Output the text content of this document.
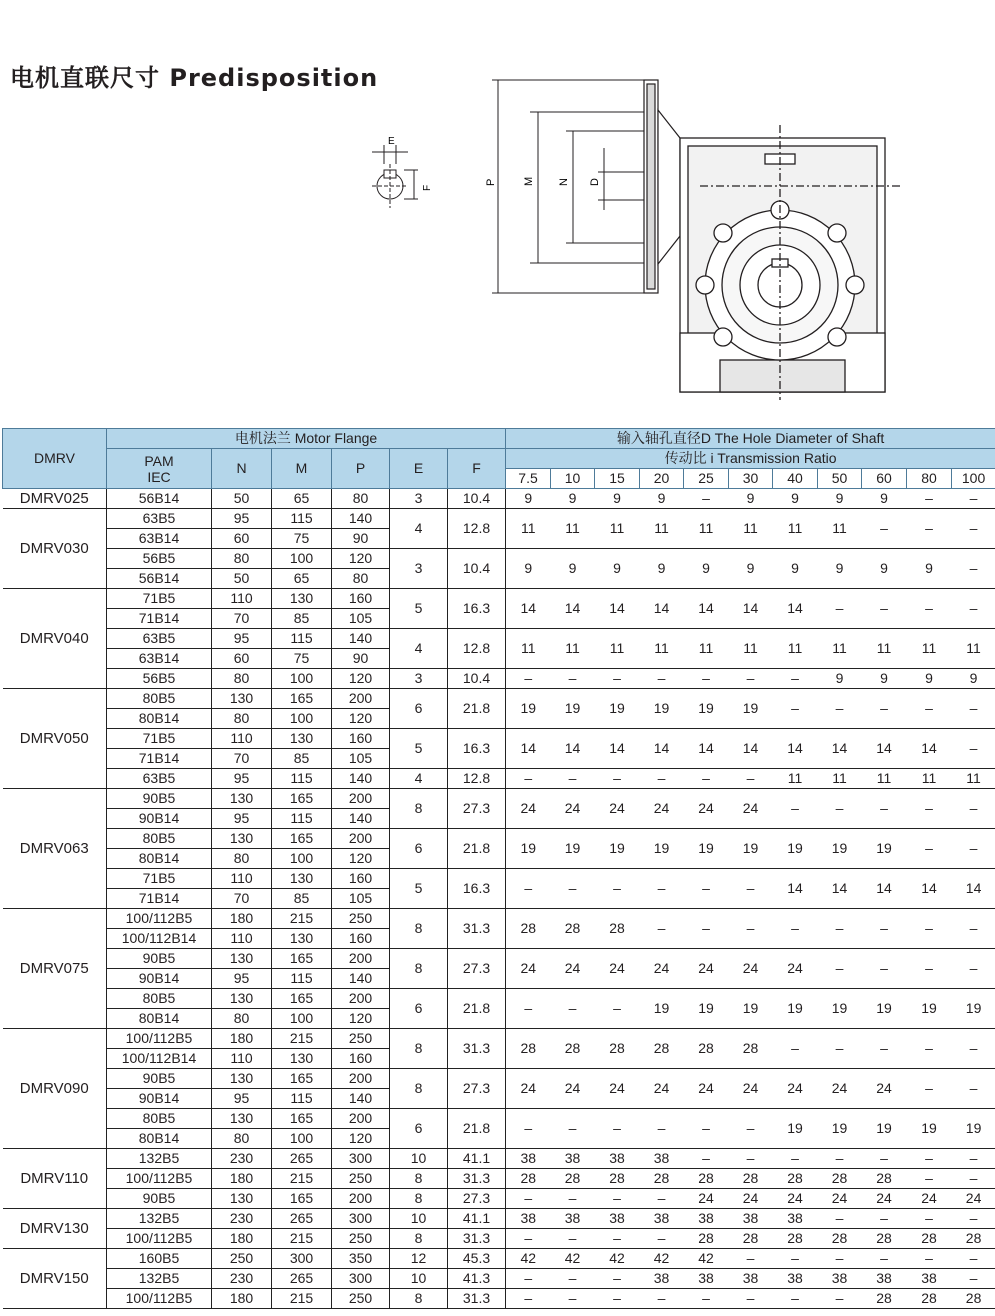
电机直联尺寸 Predisposition
E
F
P M N D
DMRV	电机法兰 Motor Flange						输入轴孔直径D The Hole Diameter of Shaft										

	PAM
IEC	N	M	P	E	F	传动比 i Transmission Ratio										
							7.5	10	15	20	25	30	40	50	60	80	100
DMRV025	56B14	50	65	80	3	10.4	9	9	9	9	–	9	9	9	9	–	–
DMRV030	63B5	95	115	140	4	12.8	11	11	11	11	11	11	11	11	–	–	–
	63B14	60	75	90													
	56B5	80	100	120	3	10.4	9	9	9	9	9	9	9	9	9	9	–
	56B14	50	65	80													
DMRV040	71B5	110	130	160	5	16.3	14	14	14	14	14	14	14	–	–	–	–
	71B14	70	85	105													
	63B5	95	115	140	4	12.8	11	11	11	11	11	11	11	11	11	11	11
	63B14	60	75	90													
	56B5	80	100	120	3	10.4	–	–	–	–	–	–	–	9	9	9	9
DMRV050	80B5	130	165	200	6	21.8	19	19	19	19	19	19	–	–	–	–	–
	80B14	80	100	120													
	71B5	110	130	160	5	16.3	14	14	14	14	14	14	14	14	14	14	–
	71B14	70	85	105													
	63B5	95	115	140	4	12.8	–	–	–	–	–	–	11	11	11	11	11
DMRV063	90B5	130	165	200	8	27.3	24	24	24	24	24	24	–	–	–	–	–
	90B14	95	115	140													
	80B5	130	165	200	6	21.8	19	19	19	19	19	19	19	19	19	–	–
	80B14	80	100	120													
	71B5	110	130	160	5	16.3	–	–	–	–	–	–	14	14	14	14	14
	71B14	70	85	105													
DMRV075	100/112B5	180	215	250	8	31.3	28	28	28	–	–	–	–	–	–	–	–
	100/112B14	110	130	160													
	90B5	130	165	200	8	27.3	24	24	24	24	24	24	24	–	–	–	–
	90B14	95	115	140													
	80B5	130	165	200	6	21.8	–	–	–	19	19	19	19	19	19	19	19
	80B14	80	100	120													
DMRV090	100/112B5	180	215	250	8	31.3	28	28	28	28	28	28	–	–	–	–	–
	100/112B14	110	130	160													
	90B5	130	165	200	8	27.3	24	24	24	24	24	24	24	24	24	–	–
	90B14	95	115	140													
	80B5	130	165	200	6	21.8	–	–	–	–	–	–	19	19	19	19	19
	80B14	80	100	120													
DMRV110	132B5	230	265	300	10	41.1	38	38	38	38	–	–	–	–	–	–	–
	100/112B5	180	215	250	8	31.3	28	28	28	28	28	28	28	28	28	–	–
	90B5	130	165	200	8	27.3	–	–	–	–	24	24	24	24	24	24	24
DMRV130	132B5	230	265	300	10	41.1	38	38	38	38	38	38	38	–	–	–	–
	100/112B5	180	215	250	8	31.3	–	–	–	–	28	28	28	28	28	28	28
DMRV150	160B5	250	300	350	12	45.3	42	42	42	42	42	–	–	–	–	–	–
	132B5	230	265	300	10	41.3	–	–	–	38	38	38	38	38	38	38	–
	100/112B5	180	215	250	8	31.3	–	–	–	–	–	–	–	–	28	28	28
